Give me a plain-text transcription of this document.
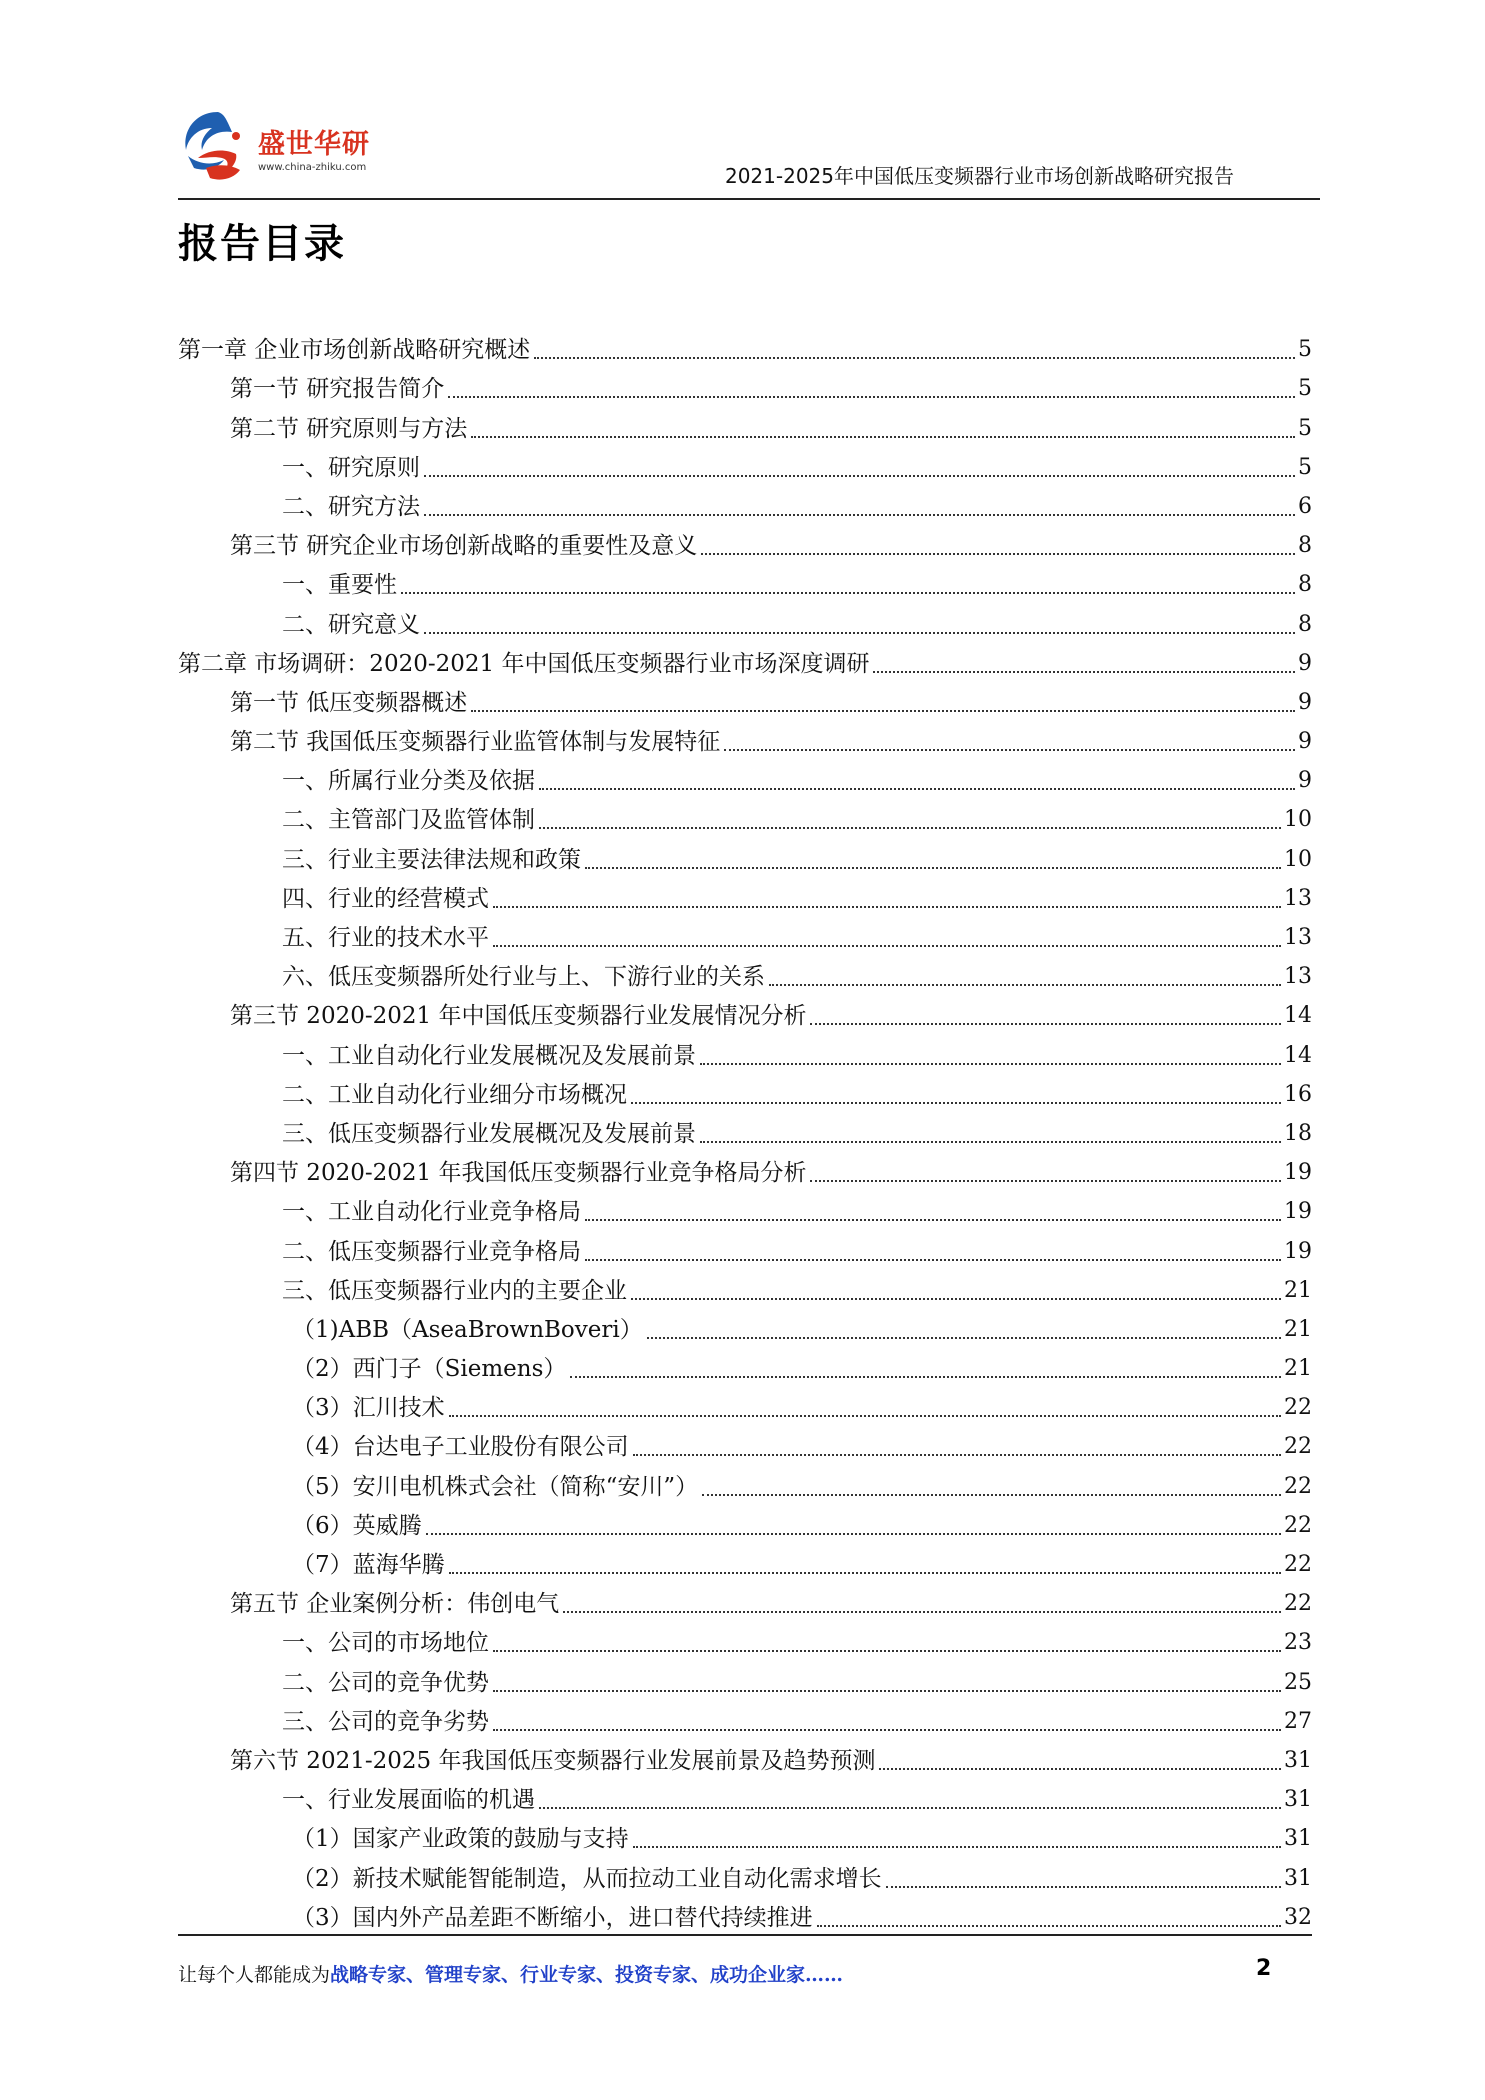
盛世华研
www.china-zhiku.com	2021-2025年中国低压变频器行业市场创新战略研究报告
报告目录
第一章 企业市场创新战略研究概述	5
第一节 研究报告简介	5
第二节 研究原则与方法	5
一、研究原则	5
二、研究方法	6
第三节 研究企业市场创新战略的重要性及意义	8
一、重要性	8
二、研究意义	8
第二章 市场调研：2020-2021 年中国低压变频器行业市场深度调研	9
第一节 低压变频器概述	9
第二节 我国低压变频器行业监管体制与发展特征	9
一、所属行业分类及依据	9
二、主管部门及监管体制	10
三、行业主要法律法规和政策	10
四、行业的经营模式	13
五、行业的技术水平	13
六、低压变频器所处行业与上、下游行业的关系	13
第三节 2020-2021 年中国低压变频器行业发展情况分析	14
一、工业自动化行业发展概况及发展前景	14
二、工业自动化行业细分市场概况	16
三、低压变频器行业发展概况及发展前景	18
第四节 2020-2021 年我国低压变频器行业竞争格局分析	19
一、工业自动化行业竞争格局	19
二、低压变频器行业竞争格局	19
三、低压变频器行业内的主要企业	21
（1)ABB（AseaBrownBoveri）	21
（2）西门子（Siemens）	21
（3）汇川技术	22
（4）台达电子工业股份有限公司	22
（5）安川电机株式会社（简称“安川”）	22
（6）英威腾	22
（7）蓝海华腾	22
第五节 企业案例分析：伟创电气	22
一、公司的市场地位	23
二、公司的竞争优势	25
三、公司的竞争劣势	27
第六节 2021-2025 年我国低压变频器行业发展前景及趋势预测	31
一、行业发展面临的机遇	31
（1）国家产业政策的鼓励与支持	31
（2）新技术赋能智能制造，从而拉动工业自动化需求增长	31
（3）国内外产品差距不断缩小，进口替代持续推进	32
让每个人都能成为战略专家、管理专家、行业专家、投资专家、成功企业家……	2
